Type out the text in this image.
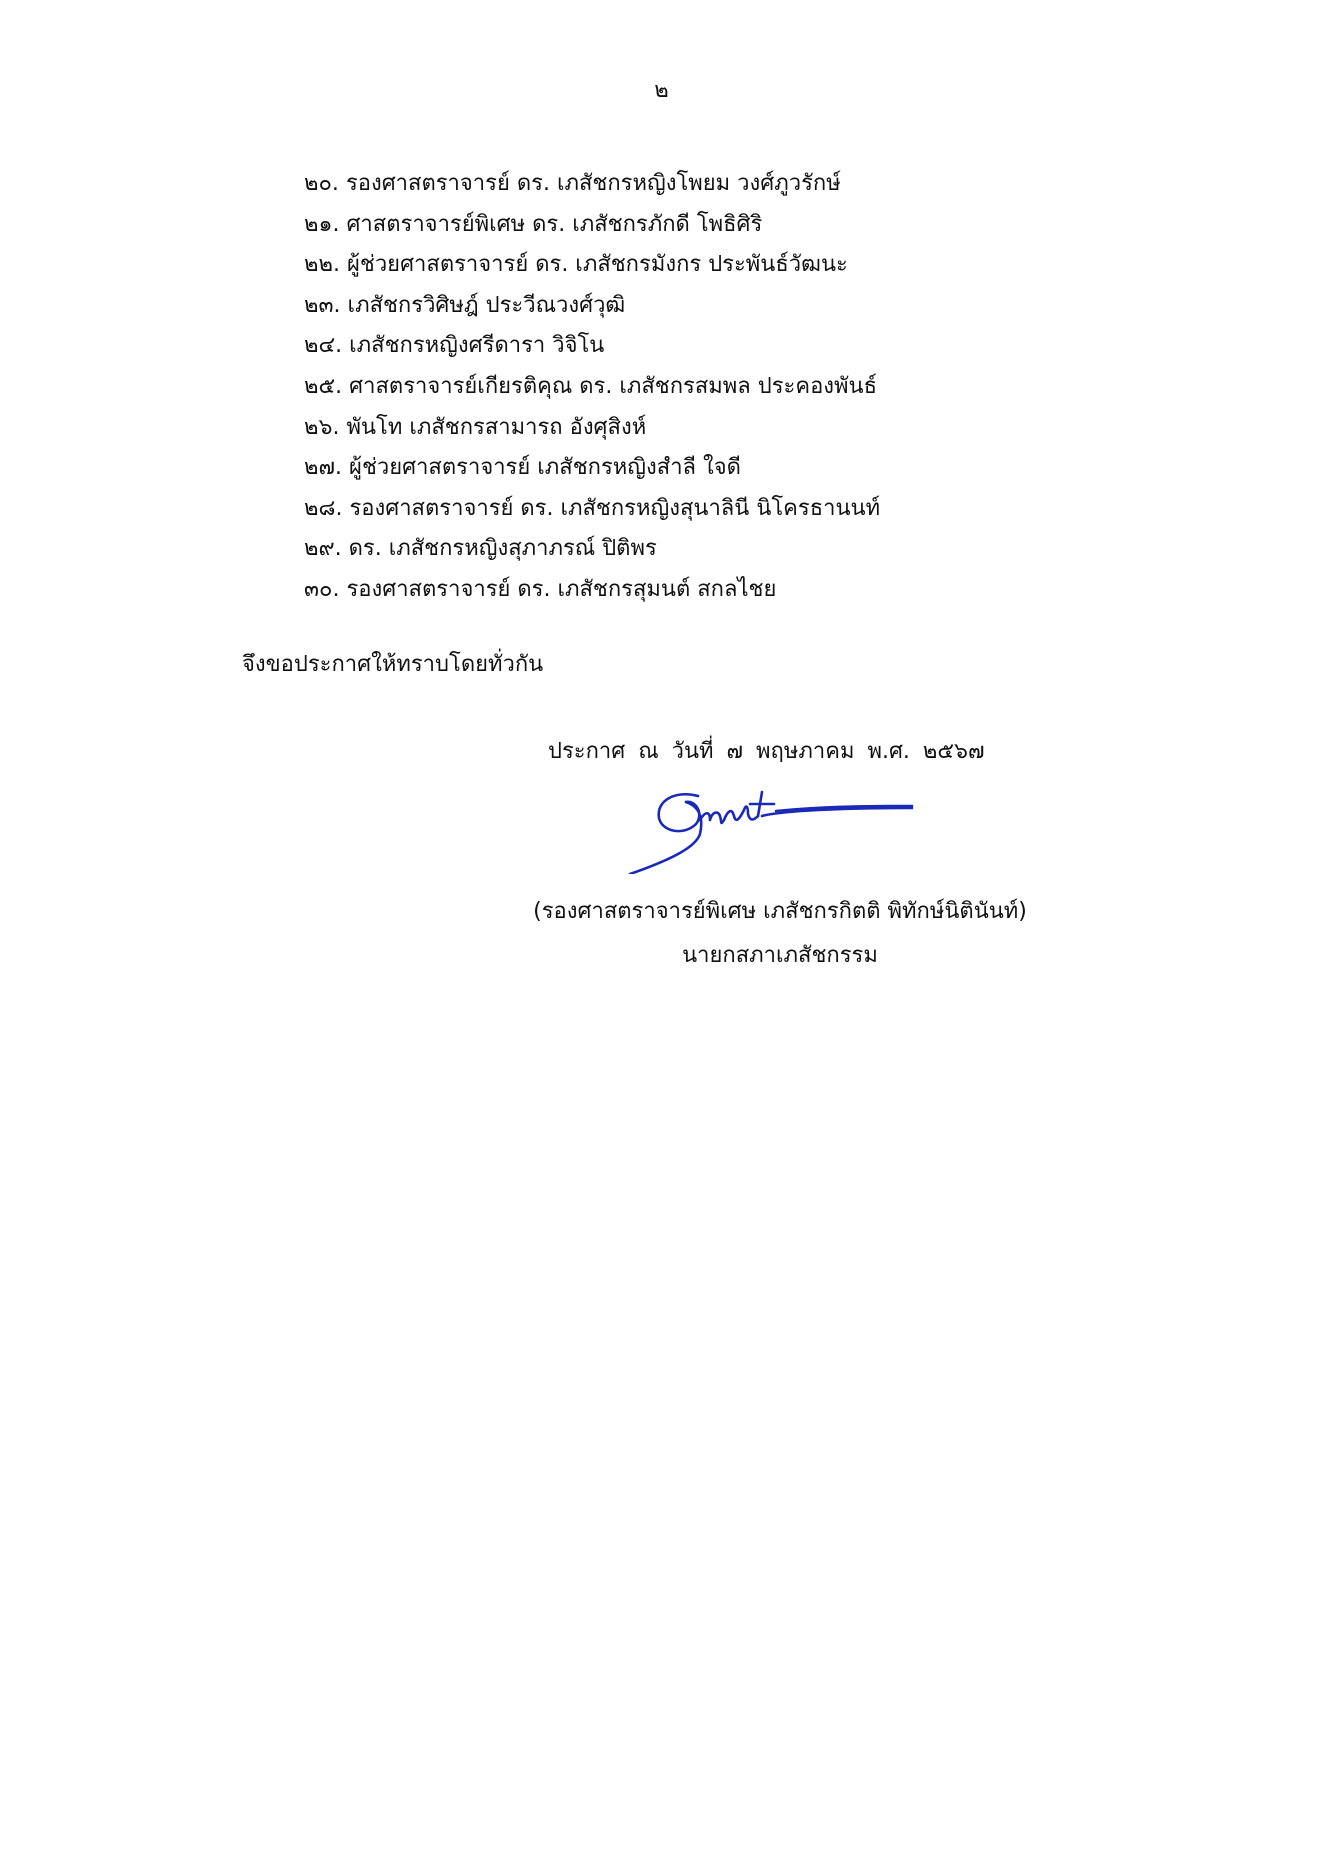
๒
๒๐. รองศาสตราจารย์ ดร. เภสัชกรหญิงโพยม วงศ์ภูวรักษ์
๒๑. ศาสตราจารย์พิเศษ ดร. เภสัชกรภักดี โพธิศิริ
๒๒. ผู้ช่วยศาสตราจารย์ ดร. เภสัชกรมังกร ประพันธ์วัฒนะ
๒๓. เภสัชกรวิศิษฎ์ ประวีณวงศ์วุฒิ
๒๔. เภสัชกรหญิงศรีดารา วิจิโน
๒๕. ศาสตราจารย์เกียรติคุณ ดร. เภสัชกรสมพล ประคองพันธ์
๒๖. พันโท เภสัชกรสามารถ อังศุสิงห์
๒๗. ผู้ช่วยศาสตราจารย์ เภสัชกรหญิงสำลี ใจดี
๒๘. รองศาสตราจารย์ ดร. เภสัชกรหญิงสุนาลินี นิโครธานนท์
๒๙. ดร. เภสัชกรหญิงสุภาภรณ์ ปิติพร
๓๐. รองศาสตราจารย์ ดร. เภสัชกรสุมนต์ สกลไชย
จึงขอประกาศให้ทราบโดยทั่วกัน
ประกาศ ณ วันที่ ๗ พฤษภาคม พ.ศ. ๒๕๖๗
(รองศาสตราจารย์พิเศษ เภสัชกรกิตติ พิทักษ์นิตินันท์)
นายกสภาเภสัชกรรม
